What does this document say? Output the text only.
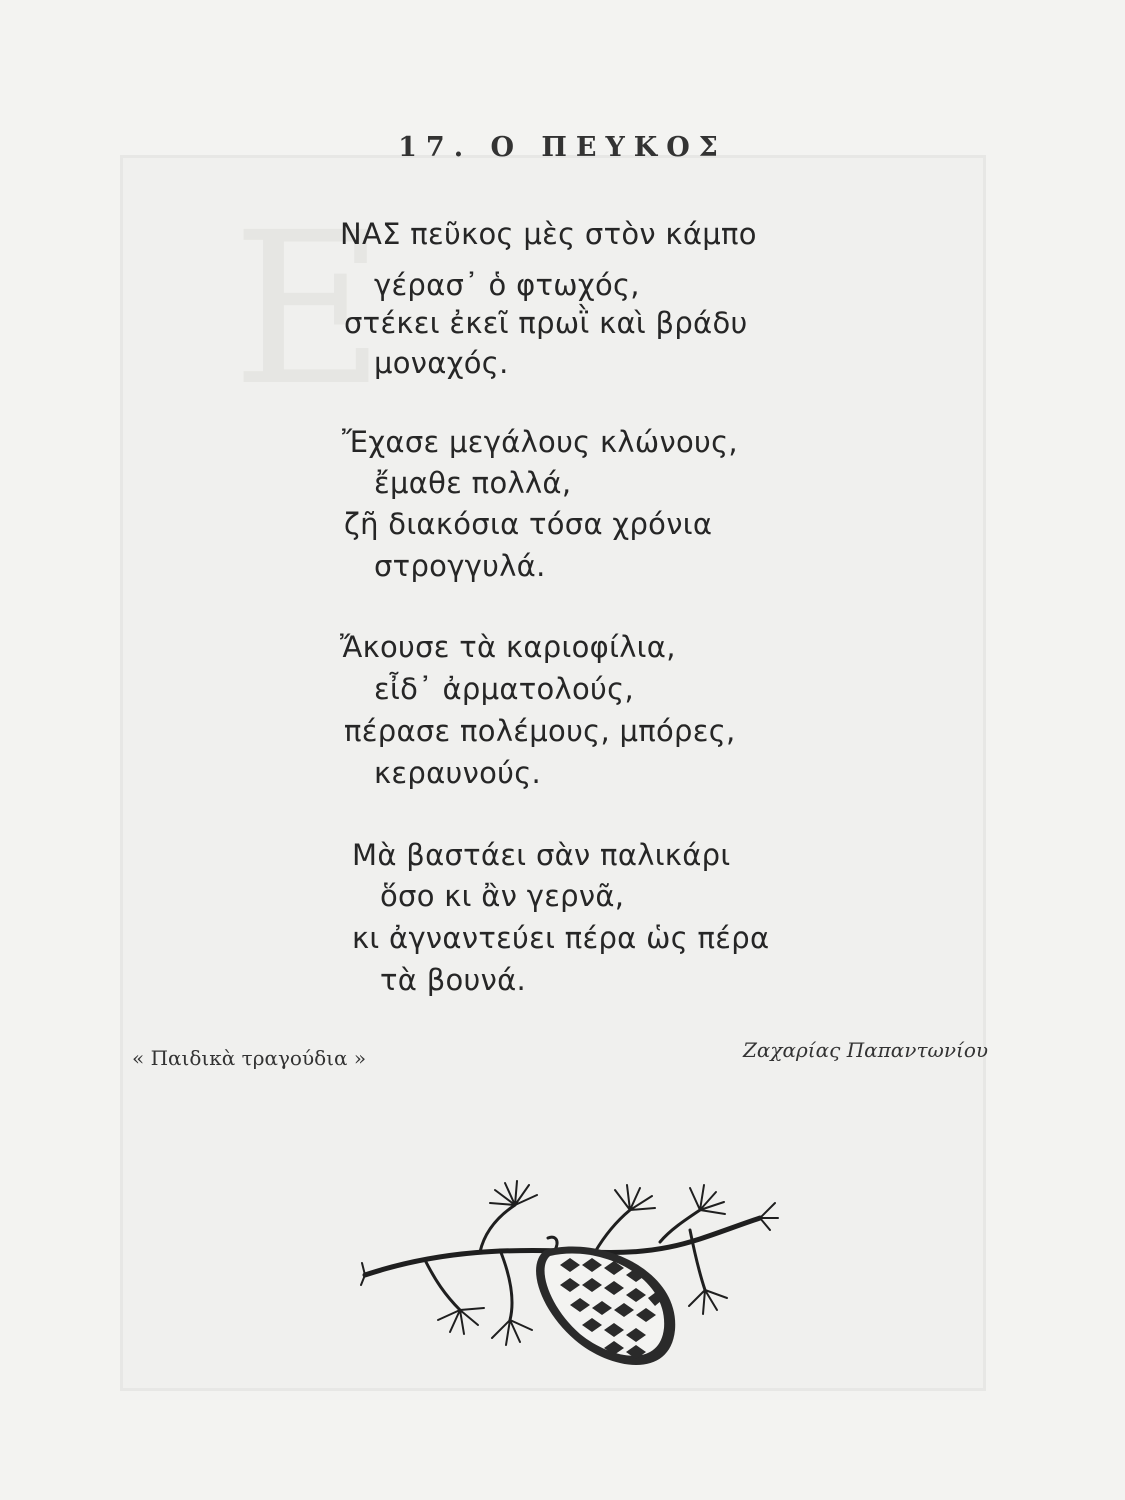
17. Ο ΠΕΥΚΟΣ
Ε
ΝΑΣ πεῦκος μὲς στὸν κάμπο
γέρασ᾽ ὁ φτωχός,
στέκει ἐκεῖ πρωῒ καὶ βράδυ
μοναχός.
Ἔχασε μεγάλους κλώνους,
ἔμαθε πολλά,
ζῆ διακόσια τόσα χρόνια
στρογγυλά.
Ἄκουσε τὰ καριοφίλια,
εἶδ᾽ ἀρματολούς,
πέρασε πολέμους, μπόρες,
κεραυνούς.
Μὰ βαστάει σὰν παλικάρι
ὅσο κι ἂν γερνᾶ,
κι ἀγναντεύει πέρα ὡς πέρα
τὰ βουνά.
« Παιδικὰ τραγούδια »	Ζαχαρίας Παπαντωνίου
